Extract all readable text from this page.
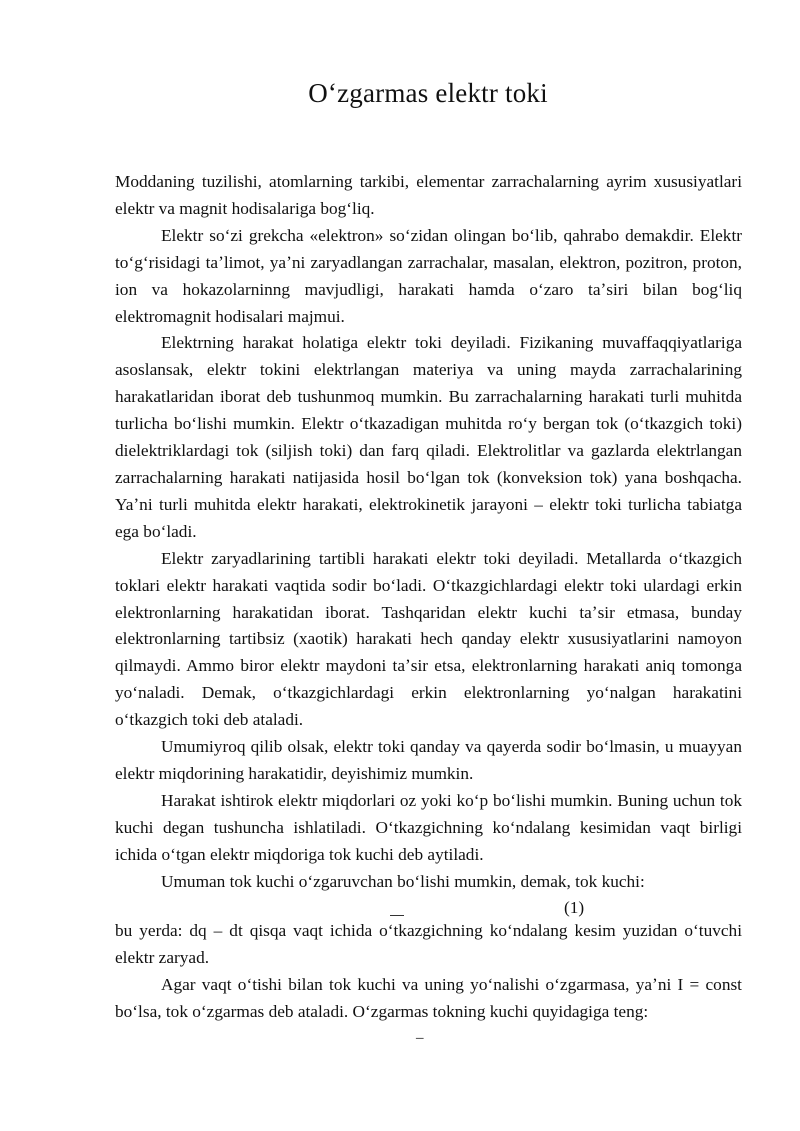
Oʻzgarmas elektr toki

Moddaning tuzilishi, atomlarning tarkibi, elementar zarrachalarning ayrim xususiyatlari elektr va magnit hodisalariga bogʻliq.

Elektr soʻzi grekcha «elektron» soʻzidan olingan boʻlib, qahrabo demakdir. Elektr toʻgʻrisidagi taʼlimot, yaʼni zaryadlangan zarrachalar, masalan, elektron, pozitron, proton, ion va hokazolarninng mavjudligi, harakati hamda oʻzaro taʼsiri bilan bogʻliq elektromagnit hodisalari majmui.

Elektrning harakat holatiga elektr toki deyiladi. Fizikaning muvaffaqqiyatlariga asoslansak, elektr tokini elektrlangan materiya va uning mayda zarrachalarining harakatlaridan iborat deb tushunmoq mumkin. Bu zarrachalarning harakati turli muhitda turlicha boʻlishi mumkin. Elektr oʻtkazadigan muhitda roʻy bergan tok (oʻtkazgich toki) dielektriklardagi tok (siljish toki) dan farq qiladi. Elektrolitlar va gazlarda elektrlangan zarrachalarning harakati natijasida hosil boʻlgan tok (konveksion tok) yana boshqacha. Yaʼni turli muhitda elektr harakati, elektrokinetik jarayoni – elektr toki turlicha tabiatga ega boʻladi.

Elektr zaryadlarining tartibli harakati elektr toki deyiladi. Metallarda oʻtkazgich toklari elektr harakati vaqtida sodir boʻladi. Oʻtkazgichlardagi elektr toki ulardagi erkin elektronlarning harakatidan iborat. Tashqaridan elektr kuchi taʼsir etmasa, bunday elektronlarning tartibsiz (xaotik) harakati hech qanday elektr xususiyatlarini namoyon qilmaydi. Ammo biror elektr maydoni taʼsir etsa, elektronlarning harakati aniq tomonga yoʻnaladi. Demak, oʻtkazgichlardagi erkin elektronlarning yoʻnalgan harakatini oʻtkazgich toki deb ataladi.

Umumiyroq qilib olsak, elektr toki qanday va qayerda sodir boʻlmasin, u muayyan elektr miqdorining harakatidir, deyishimiz mumkin.

Harakat ishtirok elektr miqdorlari oz yoki koʻp boʻlishi mumkin. Buning uchun tok kuchi degan tushuncha ishlatiladi. Oʻtkazgichning koʻndalang kesimidan vaqt birligi ichida oʻtgan elektr miqdoriga tok kuchi deb aytiladi.

Umuman tok kuchi oʻzgaruvchan boʻlishi mumkin, demak, tok kuchi:

(1)

bu yerda: dq – dt qisqa vaqt ichida oʻtkazgichning koʻndalang kesim yuzidan oʻtuvchi elektr zaryad.

Agar vaqt oʻtishi bilan tok kuchi va uning yoʻnalishi oʻzgarmasa, yaʼni I = const boʻlsa, tok oʻzgarmas deb ataladi. Oʻzgarmas tokning kuchi quyidagiga teng:

–
